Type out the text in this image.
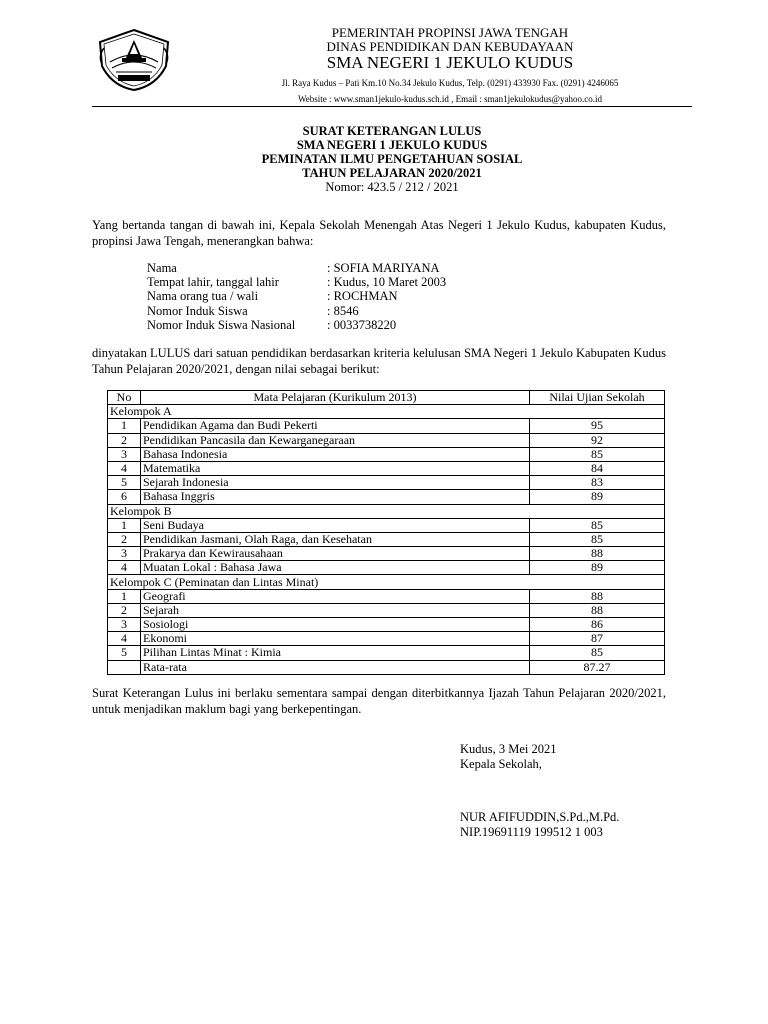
PEMERINTAH PROPINSI JAWA TENGAH
DINAS PENDIDIKAN DAN KEBUDAYAAN
SMA NEGERI 1 JEKULO KUDUS
Jl. Raya Kudus – Pati Km.10 No.34 Jekulo Kudus, Telp. (0291) 433930 Fax. (0291) 4246065
Website : www.sman1jekulo-kudus.sch.id , Email : sman1jekulokudus@yahoo.co.id
SURAT KETERANGAN LULUS
SMA NEGERI 1 JEKULO KUDUS
PEMINATAN ILMU PENGETAHUAN SOSIAL
TAHUN PELAJARAN 2020/2021
Nomor: 423.5 / 212 / 2021
Yang bertanda tangan di bawah ini, Kepala Sekolah Menengah Atas Negeri 1 Jekulo Kudus, kabupaten Kudus, propinsi Jawa Tengah, menerangkan bahwa:
Nama	: SOFIA MARIYANA
Tempat lahir, tanggal lahir	: Kudus, 10 Maret 2003
Nama orang tua / wali	: ROCHMAN
Nomor Induk Siswa	: 8546
Nomor Induk Siswa Nasional	: 0033738220
dinyatakan LULUS dari satuan pendidikan berdasarkan kriteria kelulusan SMA Negeri 1 Jekulo Kabupaten Kudus Tahun Pelajaran 2020/2021, dengan nilai sebagai berikut:
No	Mata Pelajaran (Kurikulum 2013)	Nilai Ujian Sekolah
Kelompok A		
1	Pendidikan Agama dan Budi Pekerti	95
2	Pendidikan Pancasila dan Kewarganegaraan	92
3	Bahasa Indonesia	85
4	Matematika	84
5	Sejarah Indonesia	83
6	Bahasa Inggris	89
Kelompok B		
1	Seni Budaya	85
2	Pendidikan Jasmani, Olah Raga, dan Kesehatan	85
3	Prakarya dan Kewirausahaan	88
4	Muatan Lokal : Bahasa Jawa	89
Kelompok C (Peminatan dan Lintas Minat)		
1	Geografi	88
2	Sejarah	88
3	Sosiologi	86
4	Ekonomi	87
5	Pilihan Lintas Minat : Kimia	85
	Rata-rata	87.27
Surat Keterangan Lulus ini berlaku sementara sampai dengan diterbitkannya Ijazah Tahun Pelajaran 2020/2021, untuk menjadikan maklum bagi yang berkepentingan.
Kudus, 3 Mei 2021
Kepala Sekolah,
NUR AFIFUDDIN,S.Pd.,M.Pd.
NIP.19691119 199512 1 003
